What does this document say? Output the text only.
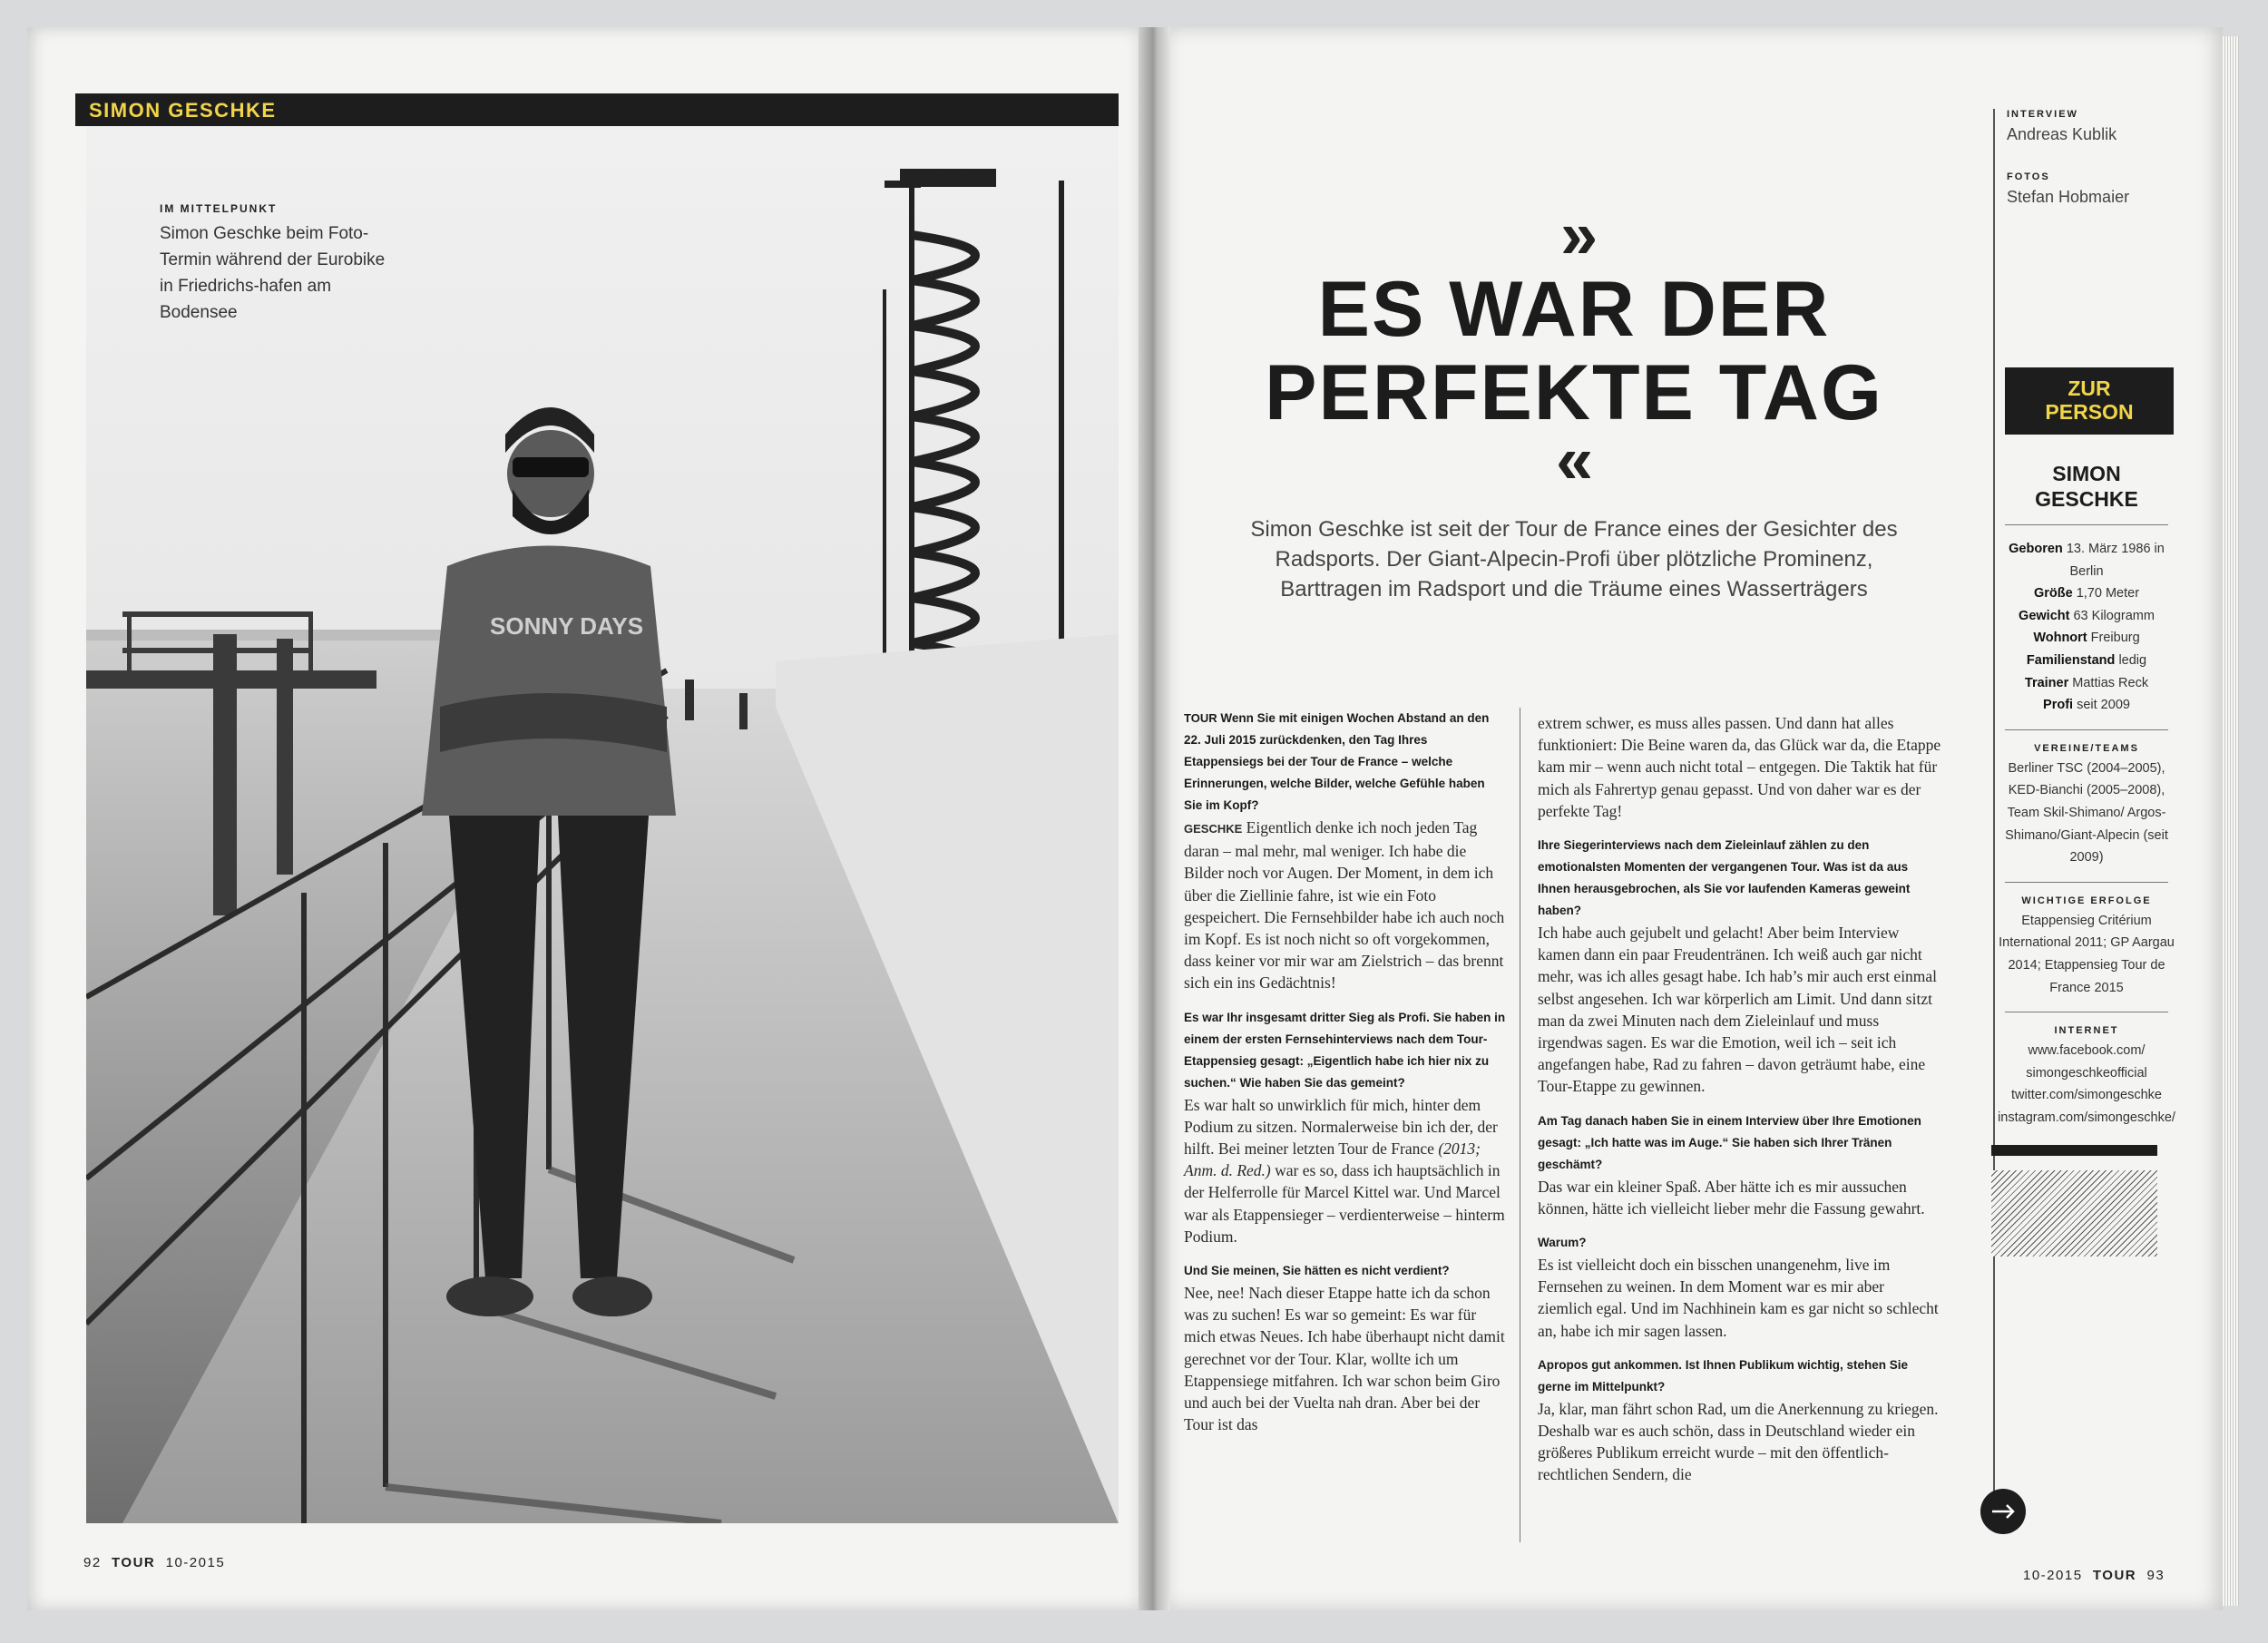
SIMON GESCHKE
SONNY DAYS
IM MITTELPUNKT
Simon Geschke beim Foto-Termin während der Eurobike in Friedrichs-hafen am Bodensee
92 TOUR 10-2015
»
ES WAR DER PERFEKTE TAG
«
Simon Geschke ist seit der Tour de France eines der Gesichter des Radsports. Der Giant-Alpecin-Profi über plötzliche Prominenz, Barttragen im Radsport und die Träume eines Wasserträgers

TOUR Wenn Sie mit einigen Wochen Abstand an den 22. Juli 2015 zurückdenken, den Tag Ihres Etappensiegs bei der Tour de France – welche Erinnerungen, welche Bilder, welche Gefühle haben Sie im Kopf?

GESCHKE Eigentlich denke ich noch jeden Tag daran – mal mehr, mal weniger. Ich habe die Bilder noch vor Augen. Der Moment, in dem ich über die Ziellinie fahre, ist wie ein Foto gespeichert. Die Fernsehbilder habe ich auch noch im Kopf. Es ist noch nicht so oft vorgekommen, dass keiner vor mir war am Zielstrich – das brennt sich ein ins Gedächtnis!

Es war Ihr insgesamt dritter Sieg als Profi. Sie haben in einem der ersten Fernsehinterviews nach dem Tour-Etappensieg gesagt: „Eigentlich habe ich hier nix zu suchen.“ Wie haben Sie das gemeint?

Es war halt so unwirklich für mich, hinter dem Podium zu sitzen. Normalerweise bin ich der, der hilft. Bei meiner letzten Tour de France (2013; Anm. d. Red.) war es so, dass ich hauptsächlich in der Helferrolle für Marcel Kittel war. Und Marcel war als Etappensieger – verdienterweise – hinterm Podium.

Und Sie meinen, Sie hätten es nicht verdient?

Nee, nee! Nach dieser Etappe hatte ich da schon was zu suchen! Es war so gemeint: Es war für mich etwas Neues. Ich habe überhaupt nicht damit gerechnet vor der Tour. Klar, wollte ich um Etappensiege mitfahren. Ich war schon beim Giro und auch bei der Vuelta nah dran. Aber bei der Tour ist das

extrem schwer, es muss alles passen. Und dann hat alles funktioniert: Die Beine waren da, das Glück war da, die Etappe kam mir – wenn auch nicht total – entgegen. Die Taktik hat für mich als Fahrertyp genau gepasst. Und von daher war es der perfekte Tag!

Ihre Siegerinterviews nach dem Zieleinlauf zählen zu den emotionalsten Momenten der vergangenen Tour. Was ist da aus Ihnen herausgebrochen, als Sie vor laufenden Kameras geweint haben?

Ich habe auch gejubelt und gelacht! Aber beim Interview kamen dann ein paar Freudentränen. Ich weiß auch gar nicht mehr, was ich alles gesagt habe. Ich hab’s mir auch erst einmal selbst angesehen. Ich war körperlich am Limit. Und dann sitzt man da zwei Minuten nach dem Zieleinlauf und muss irgendwas sagen. Es war die Emotion, weil ich – seit ich angefangen habe, Rad zu fahren – davon geträumt habe, eine Tour-Etappe zu gewinnen.

Am Tag danach haben Sie in einem Interview über Ihre Emotionen gesagt: „Ich hatte was im Auge.“ Sie haben sich Ihrer Tränen geschämt?

Das war ein kleiner Spaß. Aber hätte ich es mir aussuchen können, hätte ich vielleicht lieber mehr die Fassung gewahrt.

Warum?

Es ist vielleicht doch ein bisschen unangenehm, live im Fernsehen zu weinen. In dem Moment war es mir aber ziemlich egal. Und im Nachhinein kam es gar nicht so schlecht an, habe ich mir sagen lassen.

Apropos gut ankommen. Ist Ihnen Publikum wichtig, stehen Sie gerne im Mittelpunkt?

Ja, klar, man fährt schon Rad, um die Anerkennung zu kriegen. Deshalb war es auch schön, dass in Deutschland wieder ein größeres Publikum erreicht wurde – mit den öffentlich-rechtlichen Sendern, die

INTERVIEW
Andreas Kublik
FOTOS
Stefan Hobmaier
ZUR
PERSON
SIMON
GESCHKE
Geboren 13. März 1986 in Berlin
Größe 1,70 Meter
Gewicht 63 Kilogramm
Wohnort Freiburg
Familienstand ledig
Trainer Mattias Reck
Profi seit 2009
VEREINE/TEAMS
Berliner TSC (2004–2005), KED-Bianchi (2005–2008), Team Skil-Shimano/ Argos-Shimano/Giant-Alpecin (seit 2009)
WICHTIGE ERFOLGE
Etappensieg Critérium International 2011; GP Aargau 2014; Etappensieg Tour de France 2015
INTERNET
www.facebook.com/ simongeschkeofficial
twitter.com/simongeschke
instagram.com/simongeschke/
10-2015 TOUR 93
